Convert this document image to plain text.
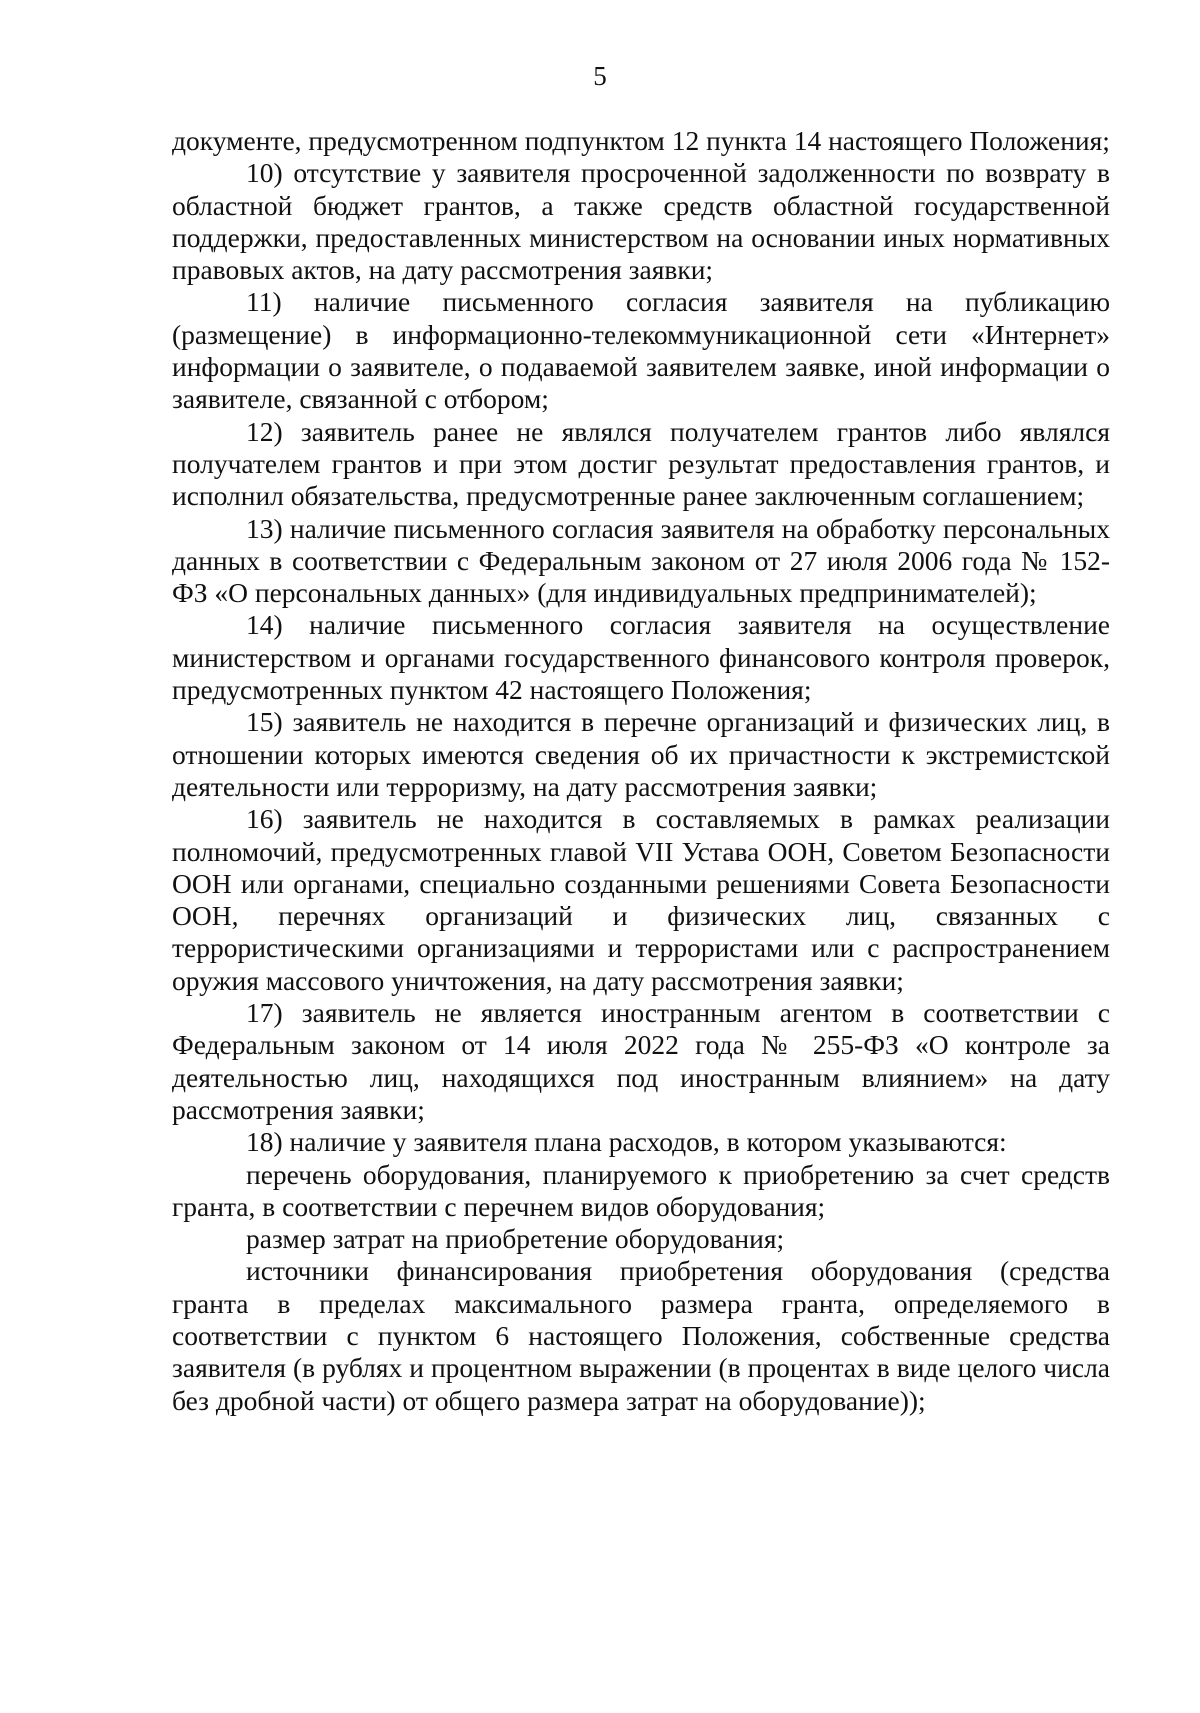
5

документе, предусмотренном подпунктом 12 пункта 14 настоящего Положения;

10) отсутствие у заявителя просроченной задолженности по возврату в областной бюджет грантов, а также средств областной государственной поддержки, предоставленных министерством на основании иных нормативных правовых актов, на дату рассмотрения заявки;

11) наличие письменного согласия заявителя на публикацию (размещение) в информационно-телекоммуникационной сети «Интернет» информации о заявителе, о подаваемой заявителем заявке, иной информации о заявителе, связанной с отбором;

12) заявитель ранее не являлся получателем грантов либо являлся получателем грантов и при этом достиг результат предоставления грантов, и исполнил обязательства, предусмотренные ранее заключенным соглашением;

13) наличие письменного согласия заявителя на обработку персональных данных в соответствии с Федеральным законом от 27 июля 2006 года № 152-ФЗ «О персональных данных» (для индивидуальных предпринимателей);

14) наличие письменного согласия заявителя на осуществление министерством и органами государственного финансового контроля проверок, предусмотренных пунктом 42 настоящего Положения;

15) заявитель не находится в перечне организаций и физических лиц, в отношении которых имеются сведения об их причастности к экстремистской деятельности или терроризму, на дату рассмотрения заявки;

16) заявитель не находится в составляемых в рамках реализации полномочий, предусмотренных главой VII Устава ООН, Советом Безопасности ООН или органами, специально созданными решениями Совета Безопасности ООН, перечнях организаций и физических лиц, связанных с террористическими организациями и террористами или с распространением оружия массового уничтожения, на дату рассмотрения заявки;

17) заявитель не является иностранным агентом в соответствии с Федеральным законом от 14 июля 2022 года № 255-ФЗ «О контроле за деятельностью лиц, находящихся под иностранным влиянием» на дату рассмотрения заявки;

18) наличие у заявителя плана расходов, в котором указываются:

перечень оборудования, планируемого к приобретению за счет средств гранта, в соответствии с перечнем видов оборудования;

размер затрат на приобретение оборудования;

источники финансирования приобретения оборудования (средства гранта в пределах максимального размера гранта, определяемого в соответствии с пунктом 6 настоящего Положения, собственные средства заявителя (в рублях и процентном выражении (в процентах в виде целого числа без дробной части) от общего размера затрат на оборудование));
